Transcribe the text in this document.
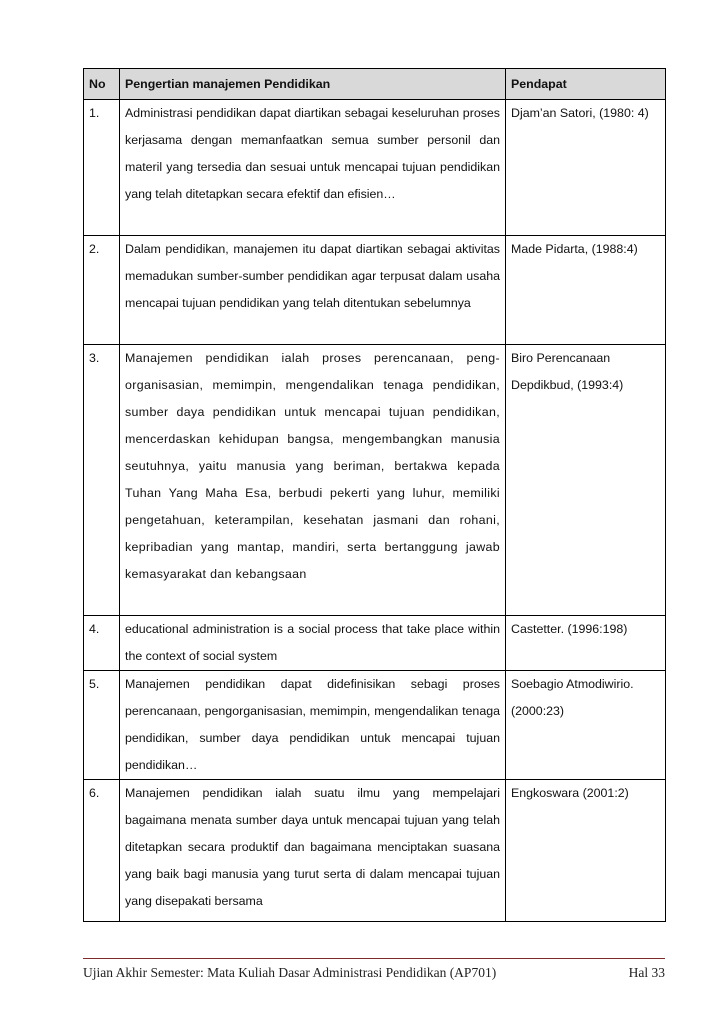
No	Pengertian manajemen Pendidikan	Pendapat
1.	Administrasi pendidikan dapat diartikan sebagai keseluruhan proses kerjasama dengan memanfaatkan semua sumber personil dan materil yang tersedia dan sesuai untuk mencapai tujuan pendidikan yang telah ditetapkan secara efektif dan efisien…	Djam’an Satori, (1980: 4)
2.	Dalam pendidikan, manajemen itu dapat diartikan sebagai aktivitas memadukan sumber-sumber pendidikan agar terpusat dalam usaha mencapai tujuan pendidikan yang telah ditentukan sebelumnya	Made Pidarta, (1988:4)
3.	Manajemen pendidikan ialah proses perencanaan, peng-organisasian, memimpin, mengendalikan tenaga pendidikan, sumber daya pendidikan untuk mencapai tujuan pendidikan, mencerdaskan kehidupan bangsa, mengembangkan manusia seutuhnya, yaitu manusia yang beriman, bertakwa kepada Tuhan Yang Maha Esa, berbudi pekerti yang luhur, memiliki pengetahuan, keterampilan, kesehatan jasmani dan rohani, kepribadian yang mantap, mandiri, serta bertanggung jawab kemasyarakat dan kebangsaan	Biro Perencanaan Depdikbud, (1993:4)
4.	educational administration is a social process that take place within the context of social system	Castetter. (1996:198)
5.	Manajemen pendidikan dapat didefinisikan sebagi proses perencanaan, pengorganisasian, memimpin, mengendalikan tenaga pendidikan, sumber daya pendidikan untuk mencapai tujuan pendidikan…	Soebagio Atmodiwirio. (2000:23)
6.	Manajemen pendidikan ialah suatu ilmu yang mempelajari bagaimana menata sumber daya untuk mencapai tujuan yang telah ditetapkan secara produktif dan bagaimana menciptakan suasana yang baik bagi manusia yang turut serta di dalam mencapai tujuan yang disepakati bersama	Engkoswara (2001:2)
Ujian Akhir Semester: Mata Kuliah Dasar Administrasi Pendidikan (AP701)	Hal 33
